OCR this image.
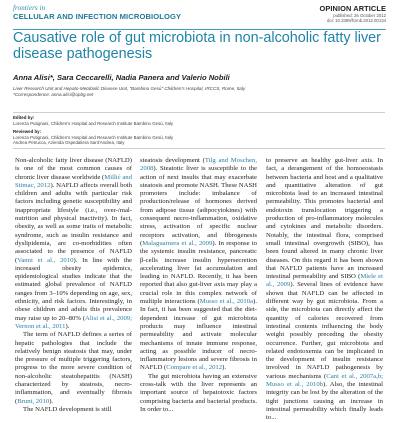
frontiers in
CELLULAR AND INFECTION MICROBIOLOGY
OPINION ARTICLE
published: 26 October 2012
doi: 10.3389/fcimb.2012.00134
Causative role of gut microbiota in non-alcoholic fatty liver disease pathogenesis

Anna Alisi*, Sara Ceccarelli, Nadia Panera and Valerio Nobili

Liver Research Unit and Hepato-Metabolic Disease Unit, "Bambino Gesù" Children's Hospital, IRCCS, Rome, Italy
*Correspondence: anna.alisi@opbg.net
Edited by:
Lorenza Putignani, Children's Hospital and Research Institute Bambino Gesù, Italy
Reviewed by:
Lorenza Putignani, Children's Hospital and Research Institute Bambino Gesù, Italy
Andrea Petrucca, Azienda Ospedaliera Sant'Andrea, Italy

Non-alcoholic fatty liver disease (NAFLD) is one of the most common causes of chronic liver disease worldwide (Millić and Stimac, 2012). NAFLD affects overall both children and adults with particular risk factors including genetic susceptibility and inappropriate lifestyle (i.e., over-/mal-nutrition and physical inactivity). In fact, obesity, as well as some traits of metabolic syndrome, such as insulin resistance and dyslipidemia, are co-morbidities often associated to the presence of NAFLD (Vanni et al., 2010). In line with the increased obesity epidemics, epidemiological studies indicate that the estimated global prevalence of NAFLD ranges from 3–10% depending on age, sex, ethnicity, and risk factors. Interestingly, in obese children and adults this prevalence may raise up to 20–80% (Alisi et al., 2009; Vernon et al., 2011).

The term of NAFLD defines a series of hepatic pathologies that include the relatively benign steatosis that may, under the pressure of multiple triggering factors, progress to the more severe condition of non-alcoholic steatohepatitis (NASH) characterized by steatosis, necro-inflammation, and eventually fibrosis (Brunt, 2010).

The NAFLD development is still

steatosis development (Tilg and Moschen, 2008). Steatotic liver is susceptible to the action of next insults that may exacerbate steatosis and promote NASH. These NASH promoters include: imbalance of production/release of hormones derived from adipose tissue (adipocytokines) with consequent necro-inflammation, oxidative stress, activation of specific nuclear receptors activation, and fibrogenesis (Malaguarnera et al., 2009). In response to the systemic insulin resistance, pancreatic β-cells increase insulin hypersecretion accelerating liver fat accumulation and leading to NAFLD. Recently, it has been reported that also gut-liver axis may play a crucial role in this complex network of multiple interactions (Musso et al., 2010a). In fact, it has been suggested that the diet-dependent increase of gut microbiota products may influence intestinal permeability and activate molecular mechanisms of innate immune response, acting as possible inducer of necro-inflammatory lesions and severe fibrosis in NAFLD (Compare et al., 2012).

The gut microbiota having an extensive cross-talk with the liver represents an important source of hepatotoxic factors comprising bacteria and bacterial products. In order to...

to preserve an healthy gut-liver axis. In fact, a derangement of the homoeostasis between bacteria and host and a qualitative and quantitative alteration of gut microbiota lead to an increased intestinal permeability. This promotes bacterial and endotoxin translocation triggering a production of pro-inflammatory molecules and cytokines and metabolic disorders. Notably, the intestinal flora, comprised small intestinal overgrowth (SIBO), has been found altered in many chronic liver diseases. On this regard it has been shown that NAFLD patients have an increased intestinal permeability and SIBO (Miele et al., 2009). Several lines of evidence have shown that NAFLD can be affected in different way by gut microbiota. From a side, the microbiota can directly affect the quantity of calories recovered from intestinal contents influencing the body weight possibly preceding the obesity occurrence. Further, gut microbiota and related endotoxemia can be implicated in the development of insulin resistance involved in NAFLD pathogenesis by various mechanisms (Cani et al., 2007a,b; Musso et al., 2010b). Also, the intestinal integrity can be lost by the alteration of the tight junctions causing an increase in intestinal permeability which finally leads to...
